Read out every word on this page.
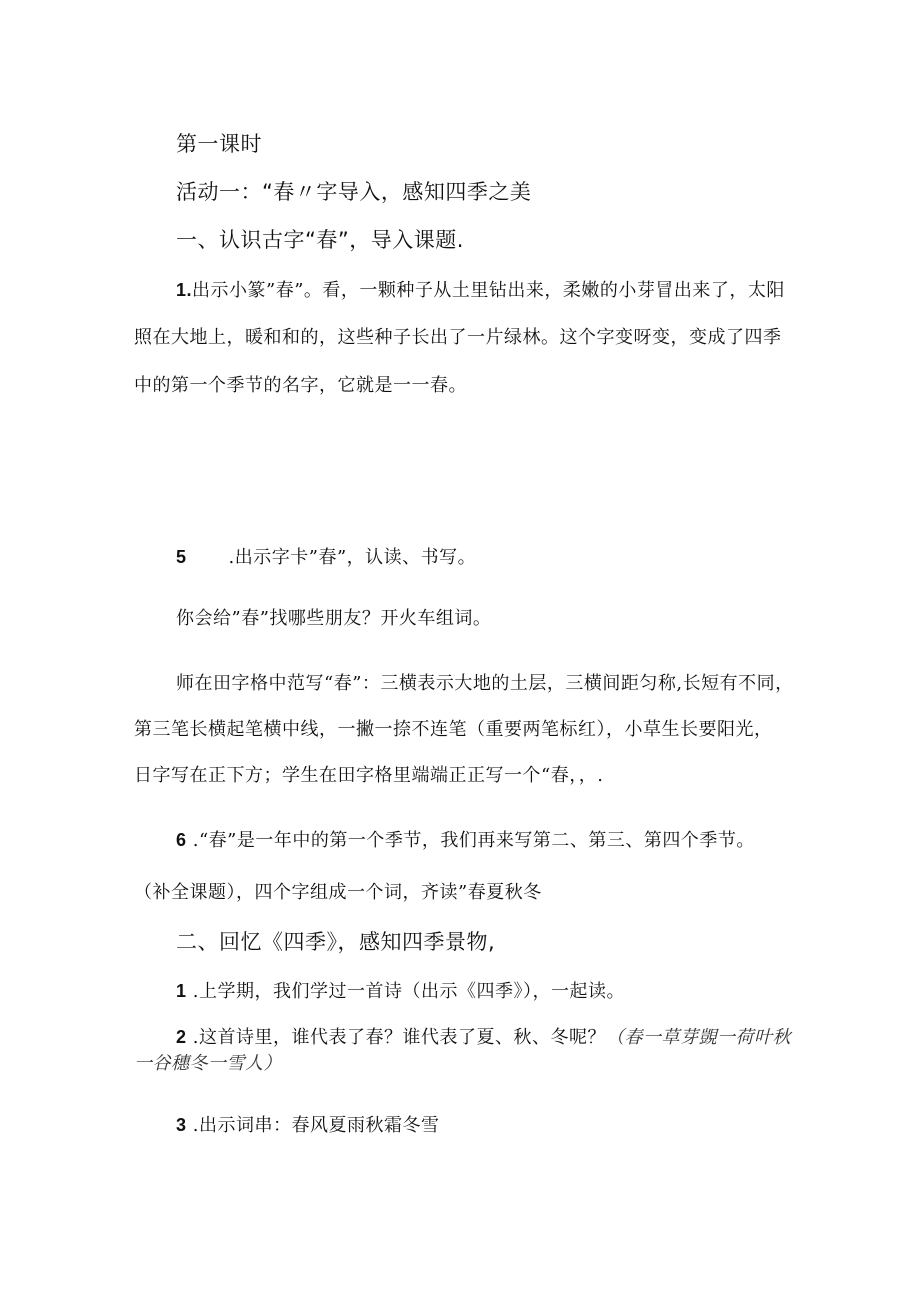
第一课时
活动一：“春〃字导入，感知四季之美
一、认识古字“春”，导入课题.
1.出示小篆”春”。看，一颗种子从土里钻出来，柔嫩的小芽冒出来了，太阳
照在大地上，暖和和的，这些种子长出了一片绿林。这个字变呀变，变成了四季
中的第一个季节的名字，它就是一一春。
5 .出示字卡”春”，认读、书写。
你会给”春”找哪些朋友？开火车组词。
师在田字格中范写“春”：三横表示大地的土层，三横间距匀称,长短有不同，
第三笔长横起笔横中线，一撇一捺不连笔（重要两笔标红），小草生长要阳光，
日字写在正下方；学生在田字格里端端正正写一个“春，，.
6 .“春”是一年中的第一个季节，我们再来写第二、第三、第四个季节。
（补全课题），四个字组成一个词，齐读”春夏秋冬
二、回忆《四季》，感知四季景物,
1 .上学期，我们学过一首诗（出示《四季》），一起读。
2 .这首诗里，谁代表了春？谁代表了夏、秋、冬呢？（春一草芽覬一荷叶秋
一谷穗冬一雪人）
3 .出示词串：春风夏雨秋霜冬雪
